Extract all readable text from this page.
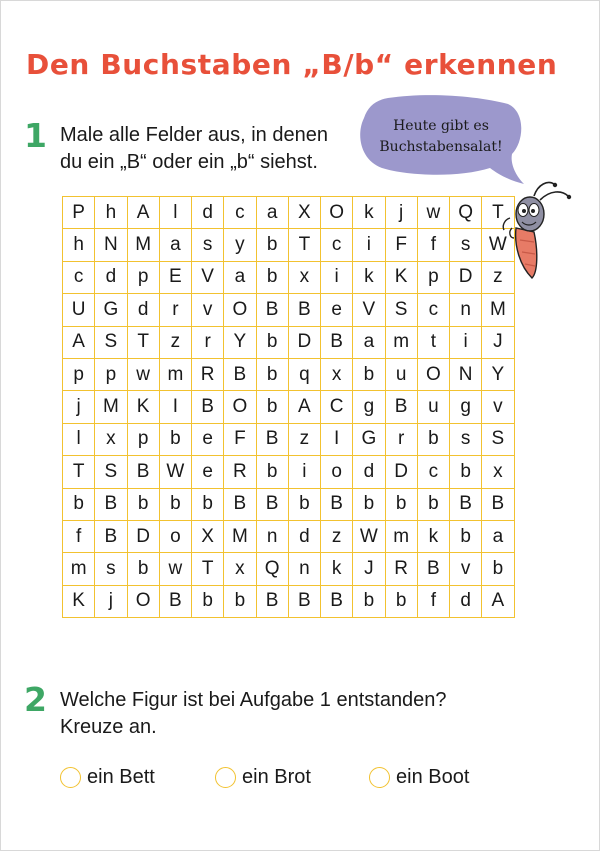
Den Buchstaben „B/b“ erkennen
1 Male alle Felder aus, in denen
du ein „B“ oder ein „b“ siehst.
Heute gibt es
Buchstabensalat!
P	h	A	l	d	c	a	X	O	k	j	w	Q	T
h	N	M	a	s	y	b	T	c	i	F	f	s	W
c	d	p	E	V	a	b	x	i	k	K	p	D	z
U	G	d	r	v	O	B	B	e	V	S	c	n	M
A	S	T	z	r	Y	b	D	B	a	m	t	i	J
p	p	w	m	R	B	b	q	x	b	u	O	N	Y
j	M	K	I	B	O	b	A	C	g	B	u	g	v
l	x	p	b	e	F	B	z	I	G	r	b	s	S
T	S	B	W	e	R	b	i	o	d	D	c	b	x
b	B	b	b	b	B	B	b	B	b	b	b	B	B
f	B	D	o	X	M	n	d	z	W	m	k	b	a
m	s	b	w	T	x	Q	n	k	J	R	B	v	b
K	j	O	B	b	b	B	B	B	b	b	f	d	A
2 Welche Figur ist bei Aufgabe 1 entstanden?
Kreuze an.
ein Bett	ein Brot	ein Boot
